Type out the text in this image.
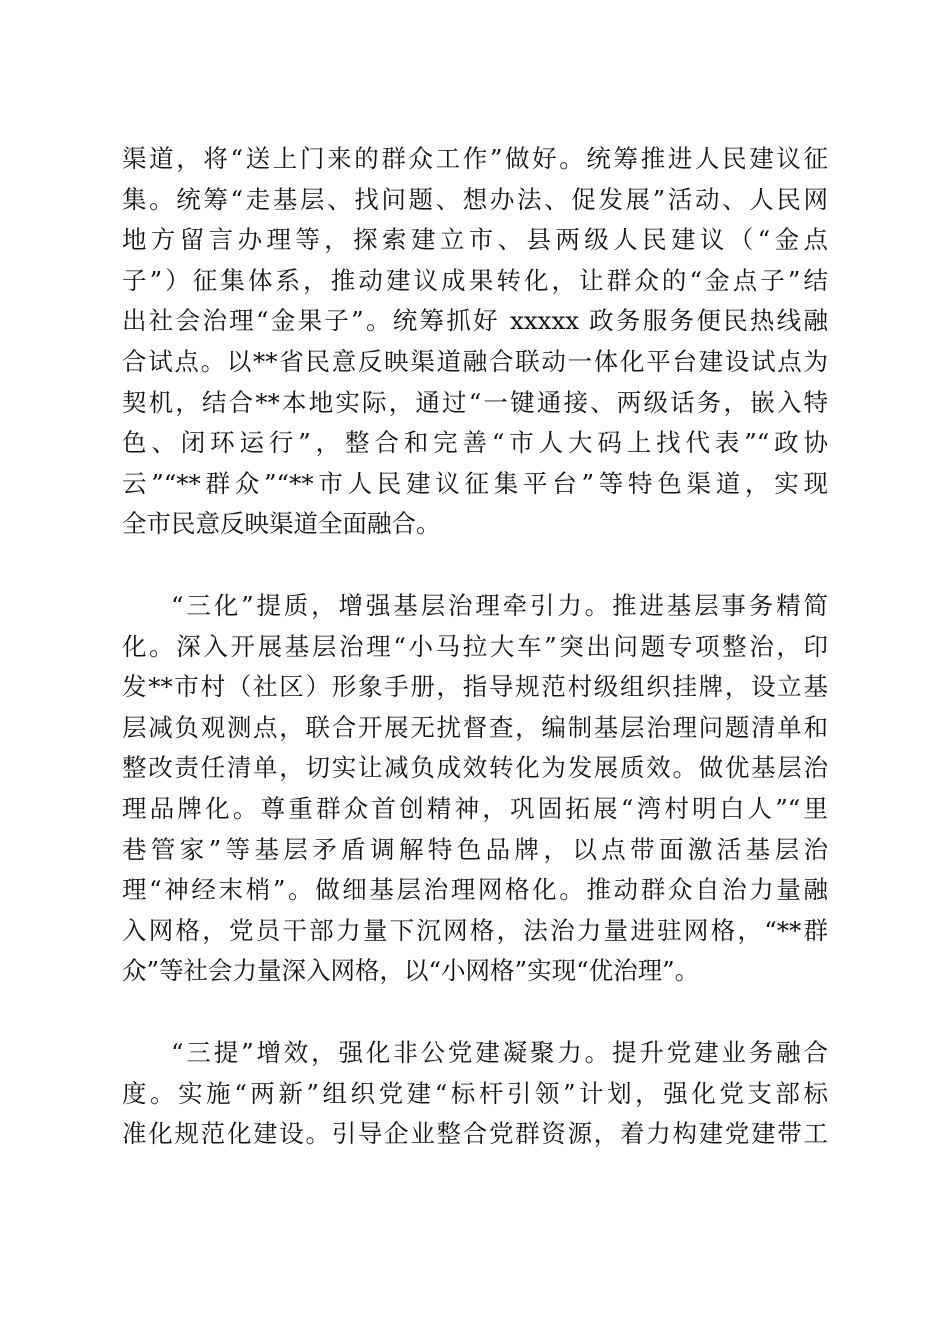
渠道，将“送上门来的群众工作”做好。统筹推进人民建议征
集。统筹“走基层、找问题、想办法、促发展”活动、人民网
地方留言办理等，探索建立市、县两级人民建议（“金点
子”）征集体系，推动建议成果转化，让群众的“金点子”结
出社会治理“金果子”。统筹抓好 xxxxx 政务服务便民热线融
合试点。以**省民意反映渠道融合联动一体化平台建设试点为
契机，结合**本地实际，通过“一键通接、两级话务，嵌入特
色、闭环运行”，整合和完善“市人大码上找代表”“政协
云”“**群众”“**市人民建议征集平台”等特色渠道，实现
全市民意反映渠道全面融合。
“三化”提质，增强基层治理牵引力。推进基层事务精简
化。深入开展基层治理“小马拉大车”突出问题专项整治，印
发**市村（社区）形象手册，指导规范村级组织挂牌，设立基
层减负观测点，联合开展无扰督查，编制基层治理问题清单和
整改责任清单，切实让减负成效转化为发展质效。做优基层治
理品牌化。尊重群众首创精神，巩固拓展“湾村明白人”“里
巷管家”等基层矛盾调解特色品牌，以点带面激活基层治
理“神经末梢”。做细基层治理网格化。推动群众自治力量融
入网格，党员干部力量下沉网格，法治力量进驻网格，“**群
众”等社会力量深入网格，以“小网格”实现“优治理”。
“三提”增效，强化非公党建凝聚力。提升党建业务融合
度。实施“两新”组织党建“标杆引领”计划，强化党支部标
准化规范化建设。引导企业整合党群资源，着力构建党建带工
